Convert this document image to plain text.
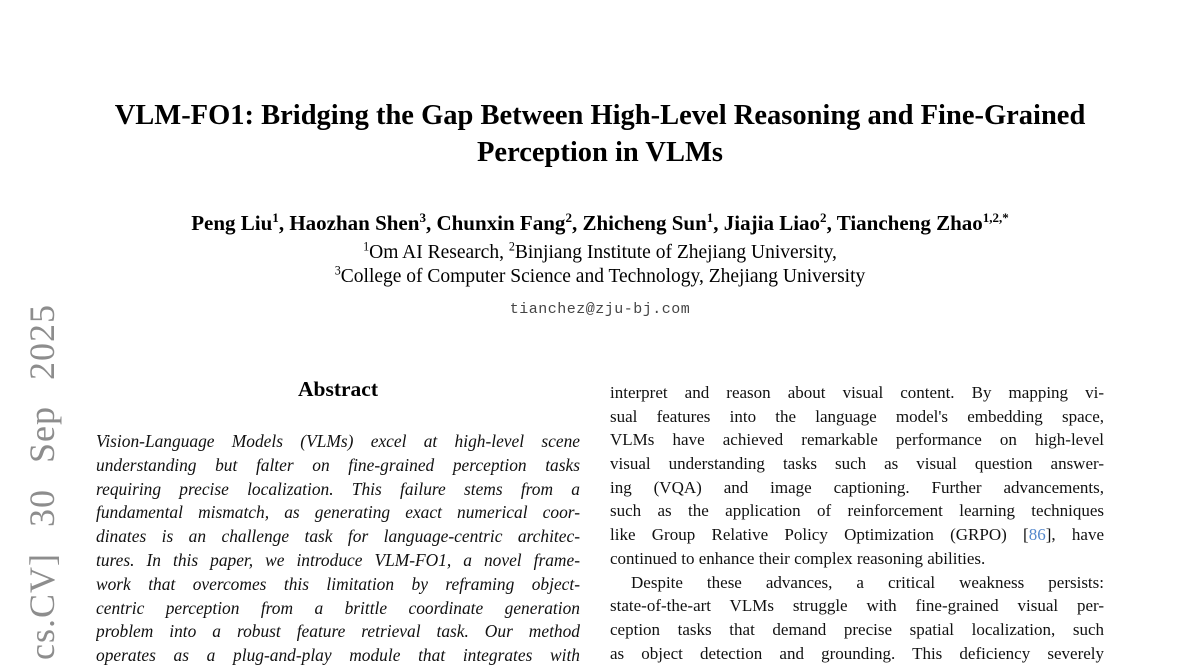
cs.CV] 30 Sep 2025
VLM-FO1: Bridging the Gap Between High-Level Reasoning and Fine-Grained
Perception in VLMs
Peng Liu$^1$, Haozhan Shen$^3$, Chunxin Fang$^2$, Zhicheng Sun$^1$, Jiajia Liao$^2$, Tiancheng Zhao$^{1,2,*}$
$^1$Om AI Research, $^2$Binjiang Institute of Zhejiang University,
$^3$College of Computer Science and Technology, Zhejiang University
tianchez@zju-bj.com
Abstract
Vision-Language Models (VLMs) excel at high-level scene
understanding but falter on fine-grained perception tasks
requiring precise localization. This failure stems from a
fundamental mismatch, as generating exact numerical coor-
dinates is an challenge task for language-centric architec-
tures. In this paper, we introduce VLM-FO1, a novel frame-
work that overcomes this limitation by reframing object-
centric perception from a brittle coordinate generation
problem into a robust feature retrieval task. Our method
operates as a plug-and-play module that integrates with
interpret and reason about visual content. By mapping vi-
sual features into the language model's embedding space,
VLMs have achieved remarkable performance on high-level
visual understanding tasks such as visual question answer-
ing (VQA) and image captioning. Further advancements,
such as the application of reinforcement learning techniques
like Group Relative Policy Optimization (GRPO) [86], have
continued to enhance their complex reasoning abilities.
Despite these advances, a critical weakness persists:
state-of-the-art VLMs struggle with fine-grained visual per-
ception tasks that demand precise spatial localization, such
as object detection and grounding. This deficiency severely
